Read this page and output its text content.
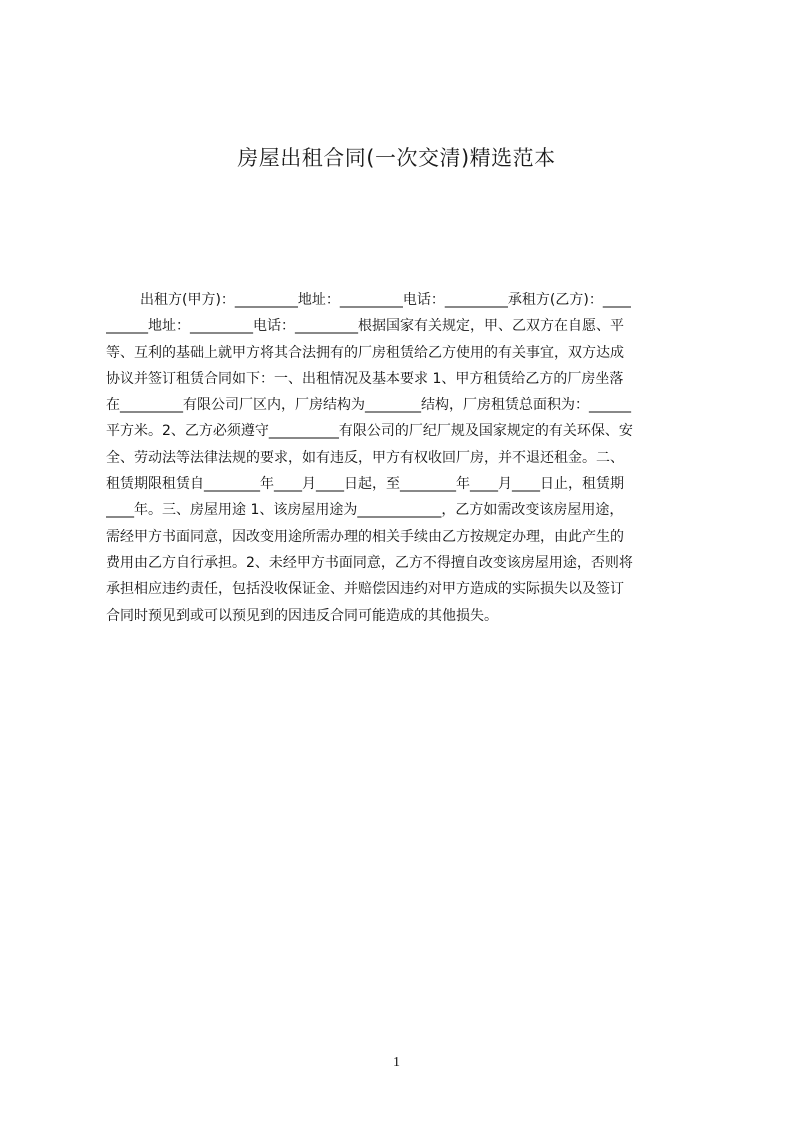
房屋出租合同(一次交清)精选范本
出租方(甲方)：_________地址：_________电话：_________承租方(乙方)：____
______地址：_________电话：_________根据国家有关规定，甲、乙双方在自愿、平
等、互利的基础上就甲方将其合法拥有的厂房租赁给乙方使用的有关事宜，双方达成
协议并签订租赁合同如下：一、出租情况及基本要求 1、甲方租赁给乙方的厂房坐落
在_________有限公司厂区内，厂房结构为________结构，厂房租赁总面积为：______
平方米。2、乙方必须遵守__________有限公司的厂纪厂规及国家规定的有关环保、安
全、劳动法等法律法规的要求，如有违反，甲方有权收回厂房，并不退还租金。二、
租赁期限租赁自________年____月____日起，至________年____月____日止，租赁期
____年。三、房屋用途 1、该房屋用途为____________，乙方如需改变该房屋用途，
需经甲方书面同意，因改变用途所需办理的相关手续由乙方按规定办理，由此产生的
费用由乙方自行承担。2、未经甲方书面同意，乙方不得擅自改变该房屋用途，否则将
承担相应违约责任，包括没收保证金、并赔偿因违约对甲方造成的实际损失以及签订
合同时预见到或可以预见到的因违反合同可能造成的其他损失。
1
